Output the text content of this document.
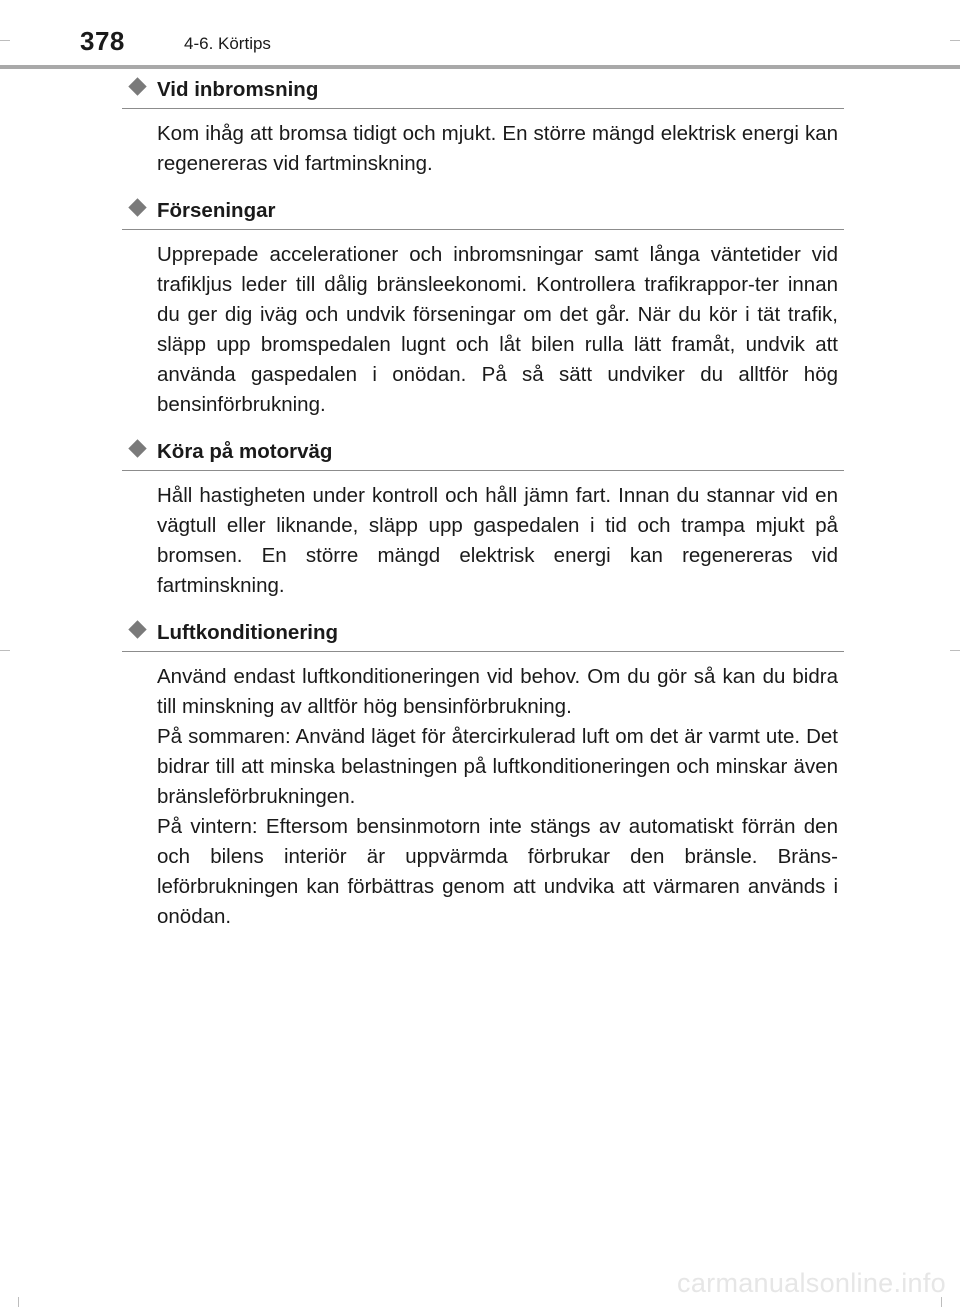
378	4-6. Körtips
Vid inbromsning

Kom ihåg att bromsa tidigt och mjukt. En större mängd elektrisk energi kan regenereras vid fartminskning.

Förseningar

Upprepade accelerationer och inbromsningar samt långa väntetider vid trafikljus leder till dålig bränsleekonomi. Kontrollera trafikrappor-ter innan du ger dig iväg och undvik förseningar om det går. När du kör i tät trafik, släpp upp bromspedalen lugnt och låt bilen rulla lätt framåt, undvik att använda gaspedalen i onödan. På så sätt undviker du alltför hög bensinförbrukning.

Köra på motorväg

Håll hastigheten under kontroll och håll jämn fart. Innan du stannar vid en vägtull eller liknande, släpp upp gaspedalen i tid och trampa mjukt på bromsen. En större mängd elektrisk energi kan regenereras vid fartminskning.

Luftkonditionering

Använd endast luftkonditioneringen vid behov. Om du gör så kan du bidra till minskning av alltför hög bensinförbrukning.

På sommaren: Använd läget för återcirkulerad luft om det är varmt ute. Det bidrar till att minska belastningen på luftkonditioneringen och minskar även bränsleförbrukningen.

På vintern: Eftersom bensinmotorn inte stängs av automatiskt förrän den och bilens interiör är uppvärmda förbrukar den bränsle. Bräns-leförbrukningen kan förbättras genom att undvika att värmaren används i onödan.

carmanualsonline.info
